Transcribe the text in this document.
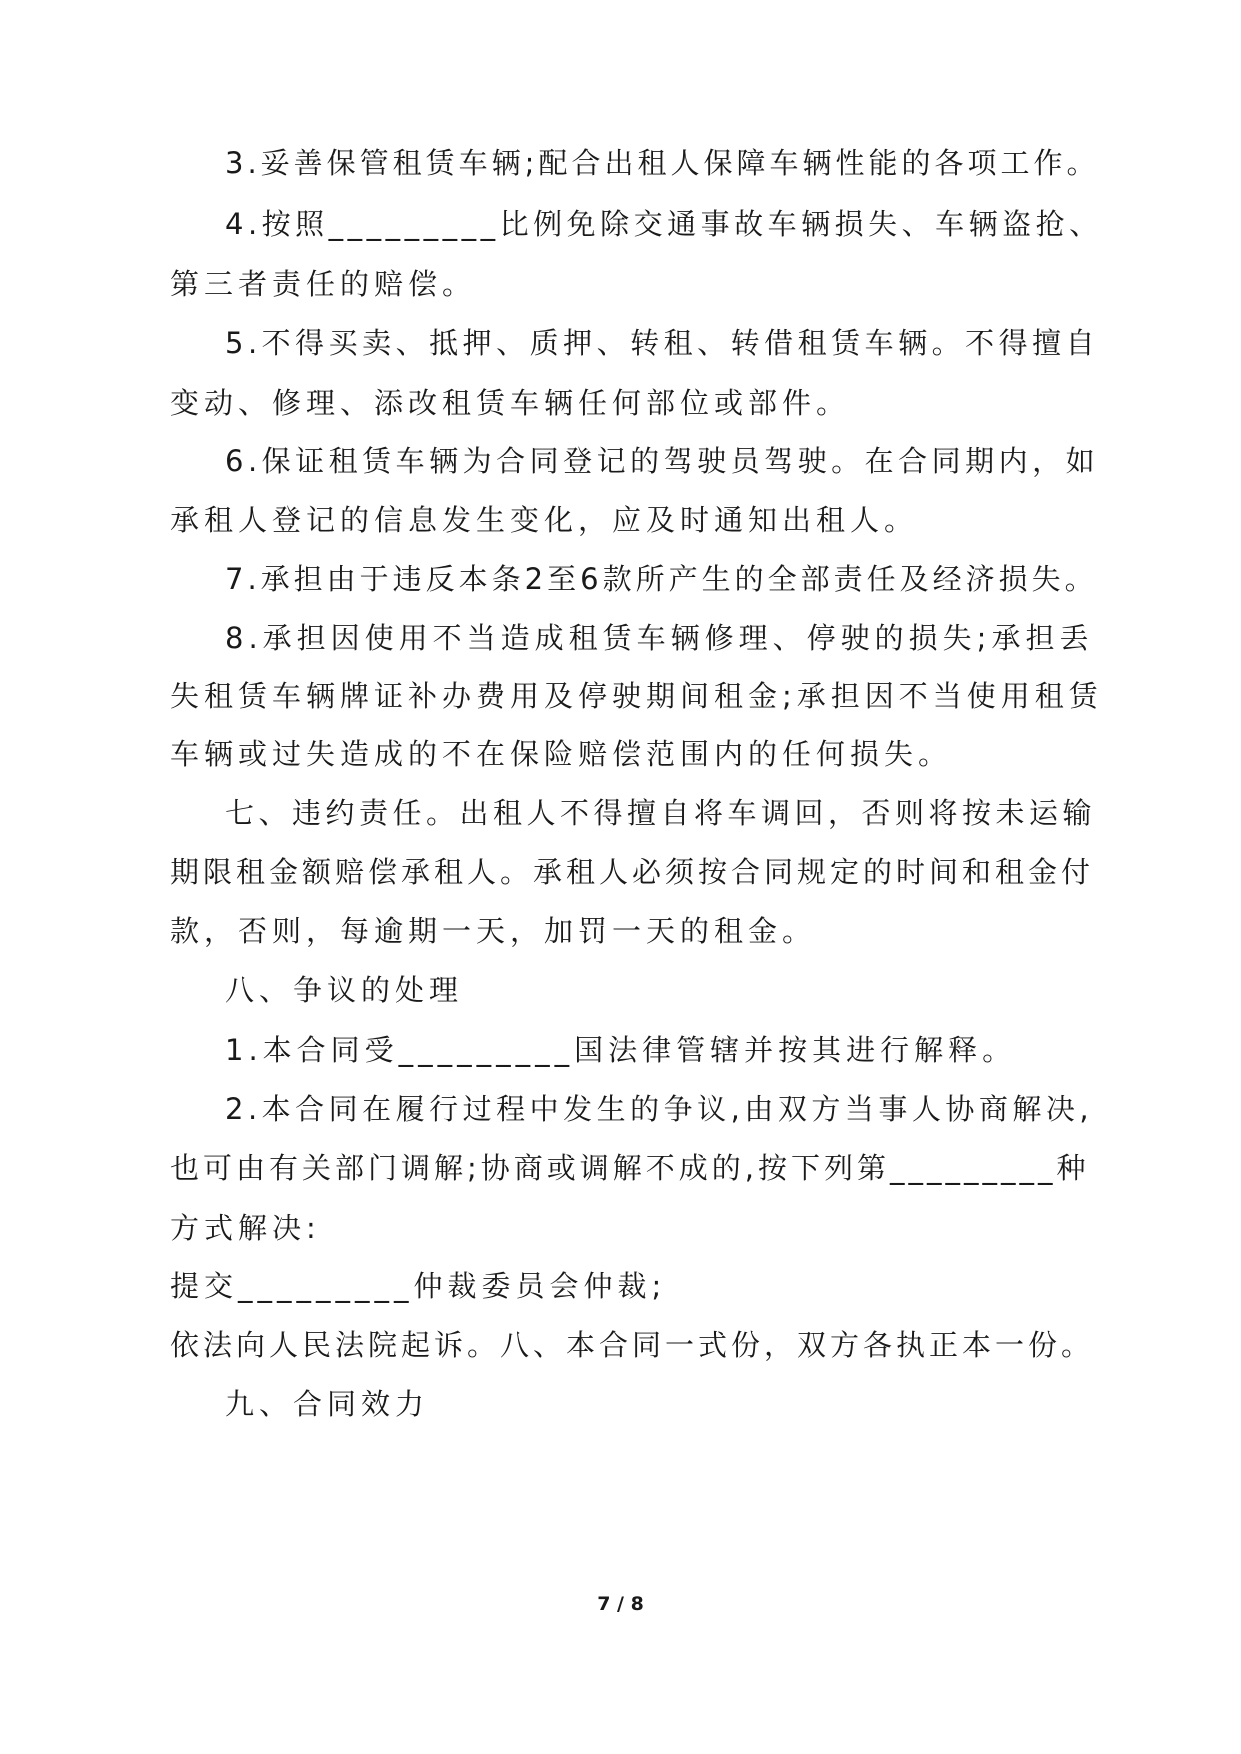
3.妥善保管租赁车辆;配合出租人保障车辆性能的各项工作。
4.按照_________比例免除交通事故车辆损失、车辆盗抢、
第三者责任的赔偿。
5.不得买卖、抵押、质押、转租、转借租赁车辆。不得擅自
变动、修理、添改租赁车辆任何部位或部件。
6.保证租赁车辆为合同登记的驾驶员驾驶。在合同期内，如
承租人登记的信息发生变化，应及时通知出租人。
7.承担由于违反本条2至6款所产生的全部责任及经济损失。
8.承担因使用不当造成租赁车辆修理、停驶的损失;承担丢
失租赁车辆牌证补办费用及停驶期间租金;承担因不当使用租赁
车辆或过失造成的不在保险赔偿范围内的任何损失。
七、违约责任。出租人不得擅自将车调回，否则将按未运输
期限租金额赔偿承租人。承租人必须按合同规定的时间和租金付
款，否则，每逾期一天，加罚一天的租金。
八、争议的处理
1.本合同受_________国法律管辖并按其进行解释。
2.本合同在履行过程中发生的争议,由双方当事人协商解决,
也可由有关部门调解;协商或调解不成的,按下列第_________种
方式解决:
提交_________仲裁委员会仲裁;
依法向人民法院起诉。八、本合同一式份，双方各执正本一份。
九、合同效力
7 / 8
